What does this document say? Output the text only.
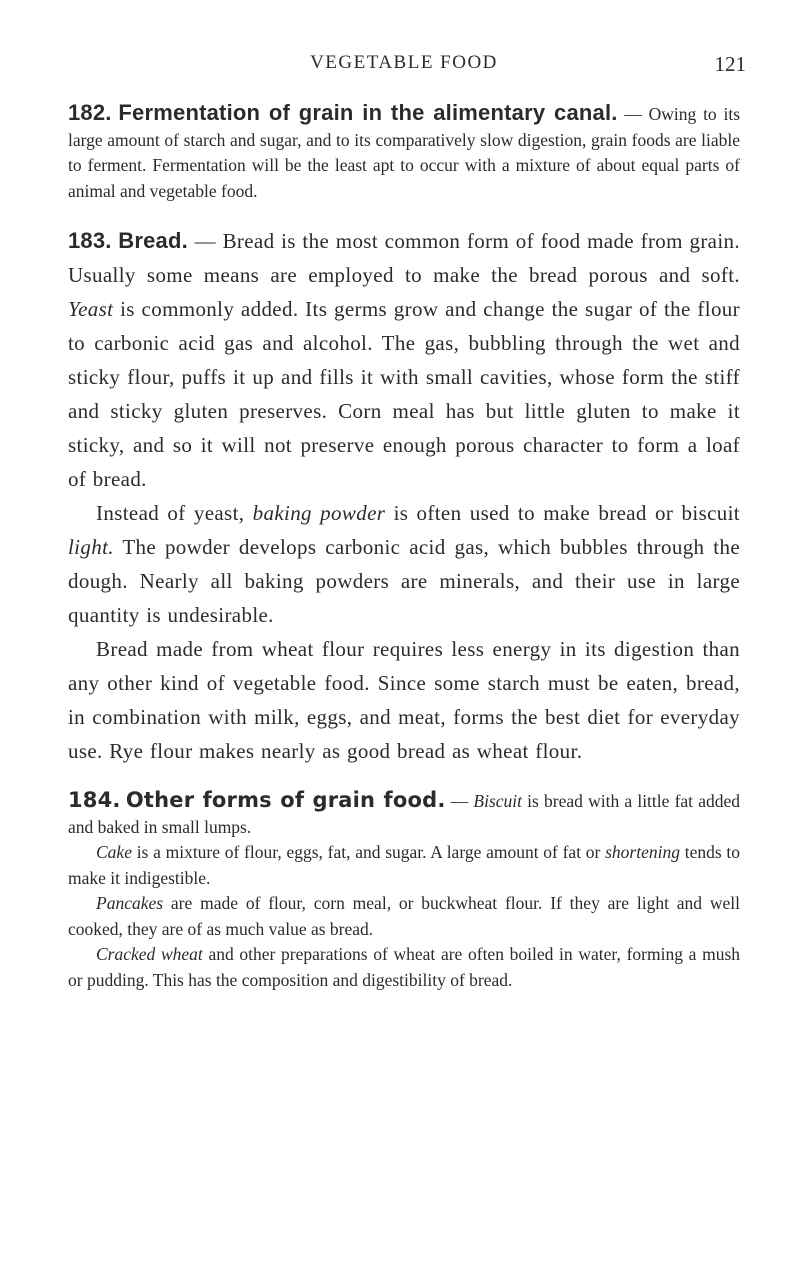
VEGETABLE FOOD	121

182. Fermentation of grain in the alimentary canal. — Owing to its large amount of starch and sugar, and to its comparatively slow digestion, grain foods are liable to ferment. Fermentation will be the least apt to occur with a mixture of about equal parts of animal and vegetable food.

183. Bread. — Bread is the most common form of food made from grain. Usually some means are employed to make the bread porous and soft. Yeast is commonly added. Its germs grow and change the sugar of the flour to carbonic acid gas and alcohol. The gas, bubbling through the wet and sticky flour, puffs it up and fills it with small cavities, whose form the stiff and sticky gluten preserves. Corn meal has but little gluten to make it sticky, and so it will not preserve enough porous character to form a loaf of bread.

Instead of yeast, baking powder is often used to make bread or biscuit light. The powder develops carbonic acid gas, which bubbles through the dough. Nearly all baking powders are minerals, and their use in large quantity is undesirable.

Bread made from wheat flour requires less energy in its digestion than any other kind of vegetable food. Since some starch must be eaten, bread, in combination with milk, eggs, and meat, forms the best diet for everyday use. Rye flour makes nearly as good bread as wheat flour.

184. Other forms of grain food. — Biscuit is bread with a little fat added and baked in small lumps.

Cake is a mixture of flour, eggs, fat, and sugar. A large amount of fat or shortening tends to make it indigestible.

Pancakes are made of flour, corn meal, or buckwheat flour. If they are light and well cooked, they are of as much value as bread.

Cracked wheat and other preparations of wheat are often boiled in water, forming a mush or pudding. This has the composition and digestibility of bread.
